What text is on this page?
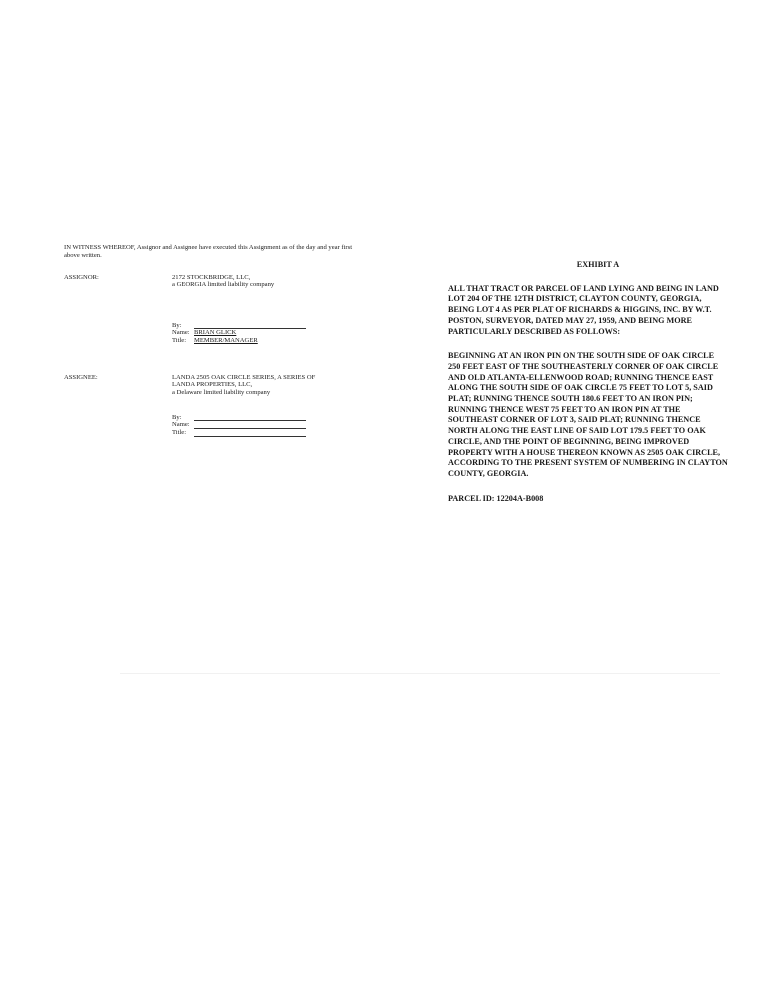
IN WITNESS WHEREOF, Assignor and Assignee have executed this Assignment as of the day and year first above written.

ASSIGNOR:	2172 STOCKBRIDGE, LLC,
a GEORGIA limited liability company
By:
Name: BRIAN GLICK
Title:	MEMBER/MANAGER
ASSIGNEE:	LANDA 2505 OAK CIRCLE SERIES, A SERIES OF
LANDA PROPERTIES, LLC,
a Delaware limited liability company
By:
Name:
Title:
EXHIBIT A

ALL THAT TRACT OR PARCEL OF LAND LYING AND BEING IN LAND LOT 204 OF THE 12TH DISTRICT, CLAYTON COUNTY, GEORGIA, BEING LOT 4 AS PER PLAT OF RICHARDS & HIGGINS, INC. BY W.T. POSTON, SURVEYOR, DATED MAY 27, 1959, AND BEING MORE PARTICULARLY DESCRIBED AS FOLLOWS:

BEGINNING AT AN IRON PIN ON THE SOUTH SIDE OF OAK CIRCLE 250 FEET EAST OF THE SOUTHEASTERLY CORNER OF OAK CIRCLE AND OLD ATLANTA-ELLENWOOD ROAD; RUNNING THENCE EAST ALONG THE SOUTH SIDE OF OAK CIRCLE 75 FEET TO LOT 5, SAID PLAT; RUNNING THENCE SOUTH 180.6 FEET TO AN IRON PIN; RUNNING THENCE WEST 75 FEET TO AN IRON PIN AT THE SOUTHEAST CORNER OF LOT 3, SAID PLAT; RUNNING THENCE NORTH ALONG THE EAST LINE OF SAID LOT 179.5 FEET TO OAK CIRCLE, AND THE POINT OF BEGINNING, BEING IMPROVED PROPERTY WITH A HOUSE THEREON KNOWN AS 2505 OAK CIRCLE, ACCORDING TO THE PRESENT SYSTEM OF NUMBERING IN CLAYTON COUNTY, GEORGIA.

PARCEL ID: 12204A-B008
